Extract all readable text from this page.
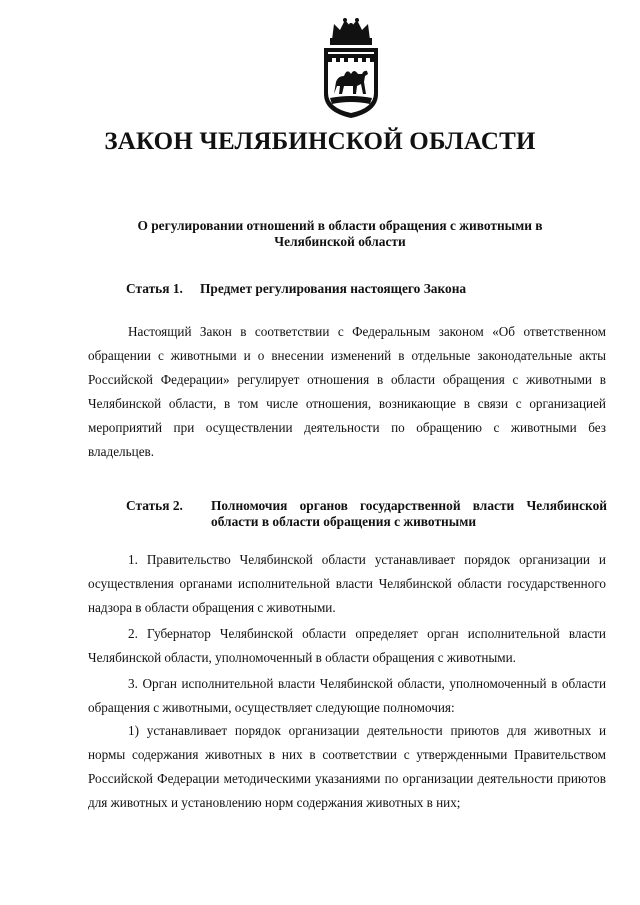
ЗАКОН ЧЕЛЯБИНСКОЙ ОБЛАСТИ
О регулировании отношений в области обращения с животными в Челябинской области
Статья 1. Предмет регулирования настоящего Закона

Настоящий Закон в соответствии с Федеральным законом «Об ответственном обращении с животными и о внесении изменений в отдельные законодательные акты Российской Федерации» регулирует отношения в области обращения с животными в Челябинской области, в том числе отношения, возникающие в связи с организацией мероприятий при осуществлении деятельности по обращению с животными без владельцев.

Статья 2. Полномочия органов государственной власти Челябинской области в области обращения с животными

1. Правительство Челябинской области устанавливает порядок организации и осуществления органами исполнительной власти Челябинской области государственного надзора в области обращения с животными.

2. Губернатор Челябинской области определяет орган исполнительной власти Челябинской области, уполномоченный в области обращения с животными.

3. Орган исполнительной власти Челябинской области, уполномоченный в области обращения с животными, осуществляет следующие полномочия:

1) устанавливает порядок организации деятельности приютов для животных и нормы содержания животных в них в соответствии с утвержденными Правительством Российской Федерации методическими указаниями по организации деятельности приютов для животных и установлению норм содержания животных в них;
